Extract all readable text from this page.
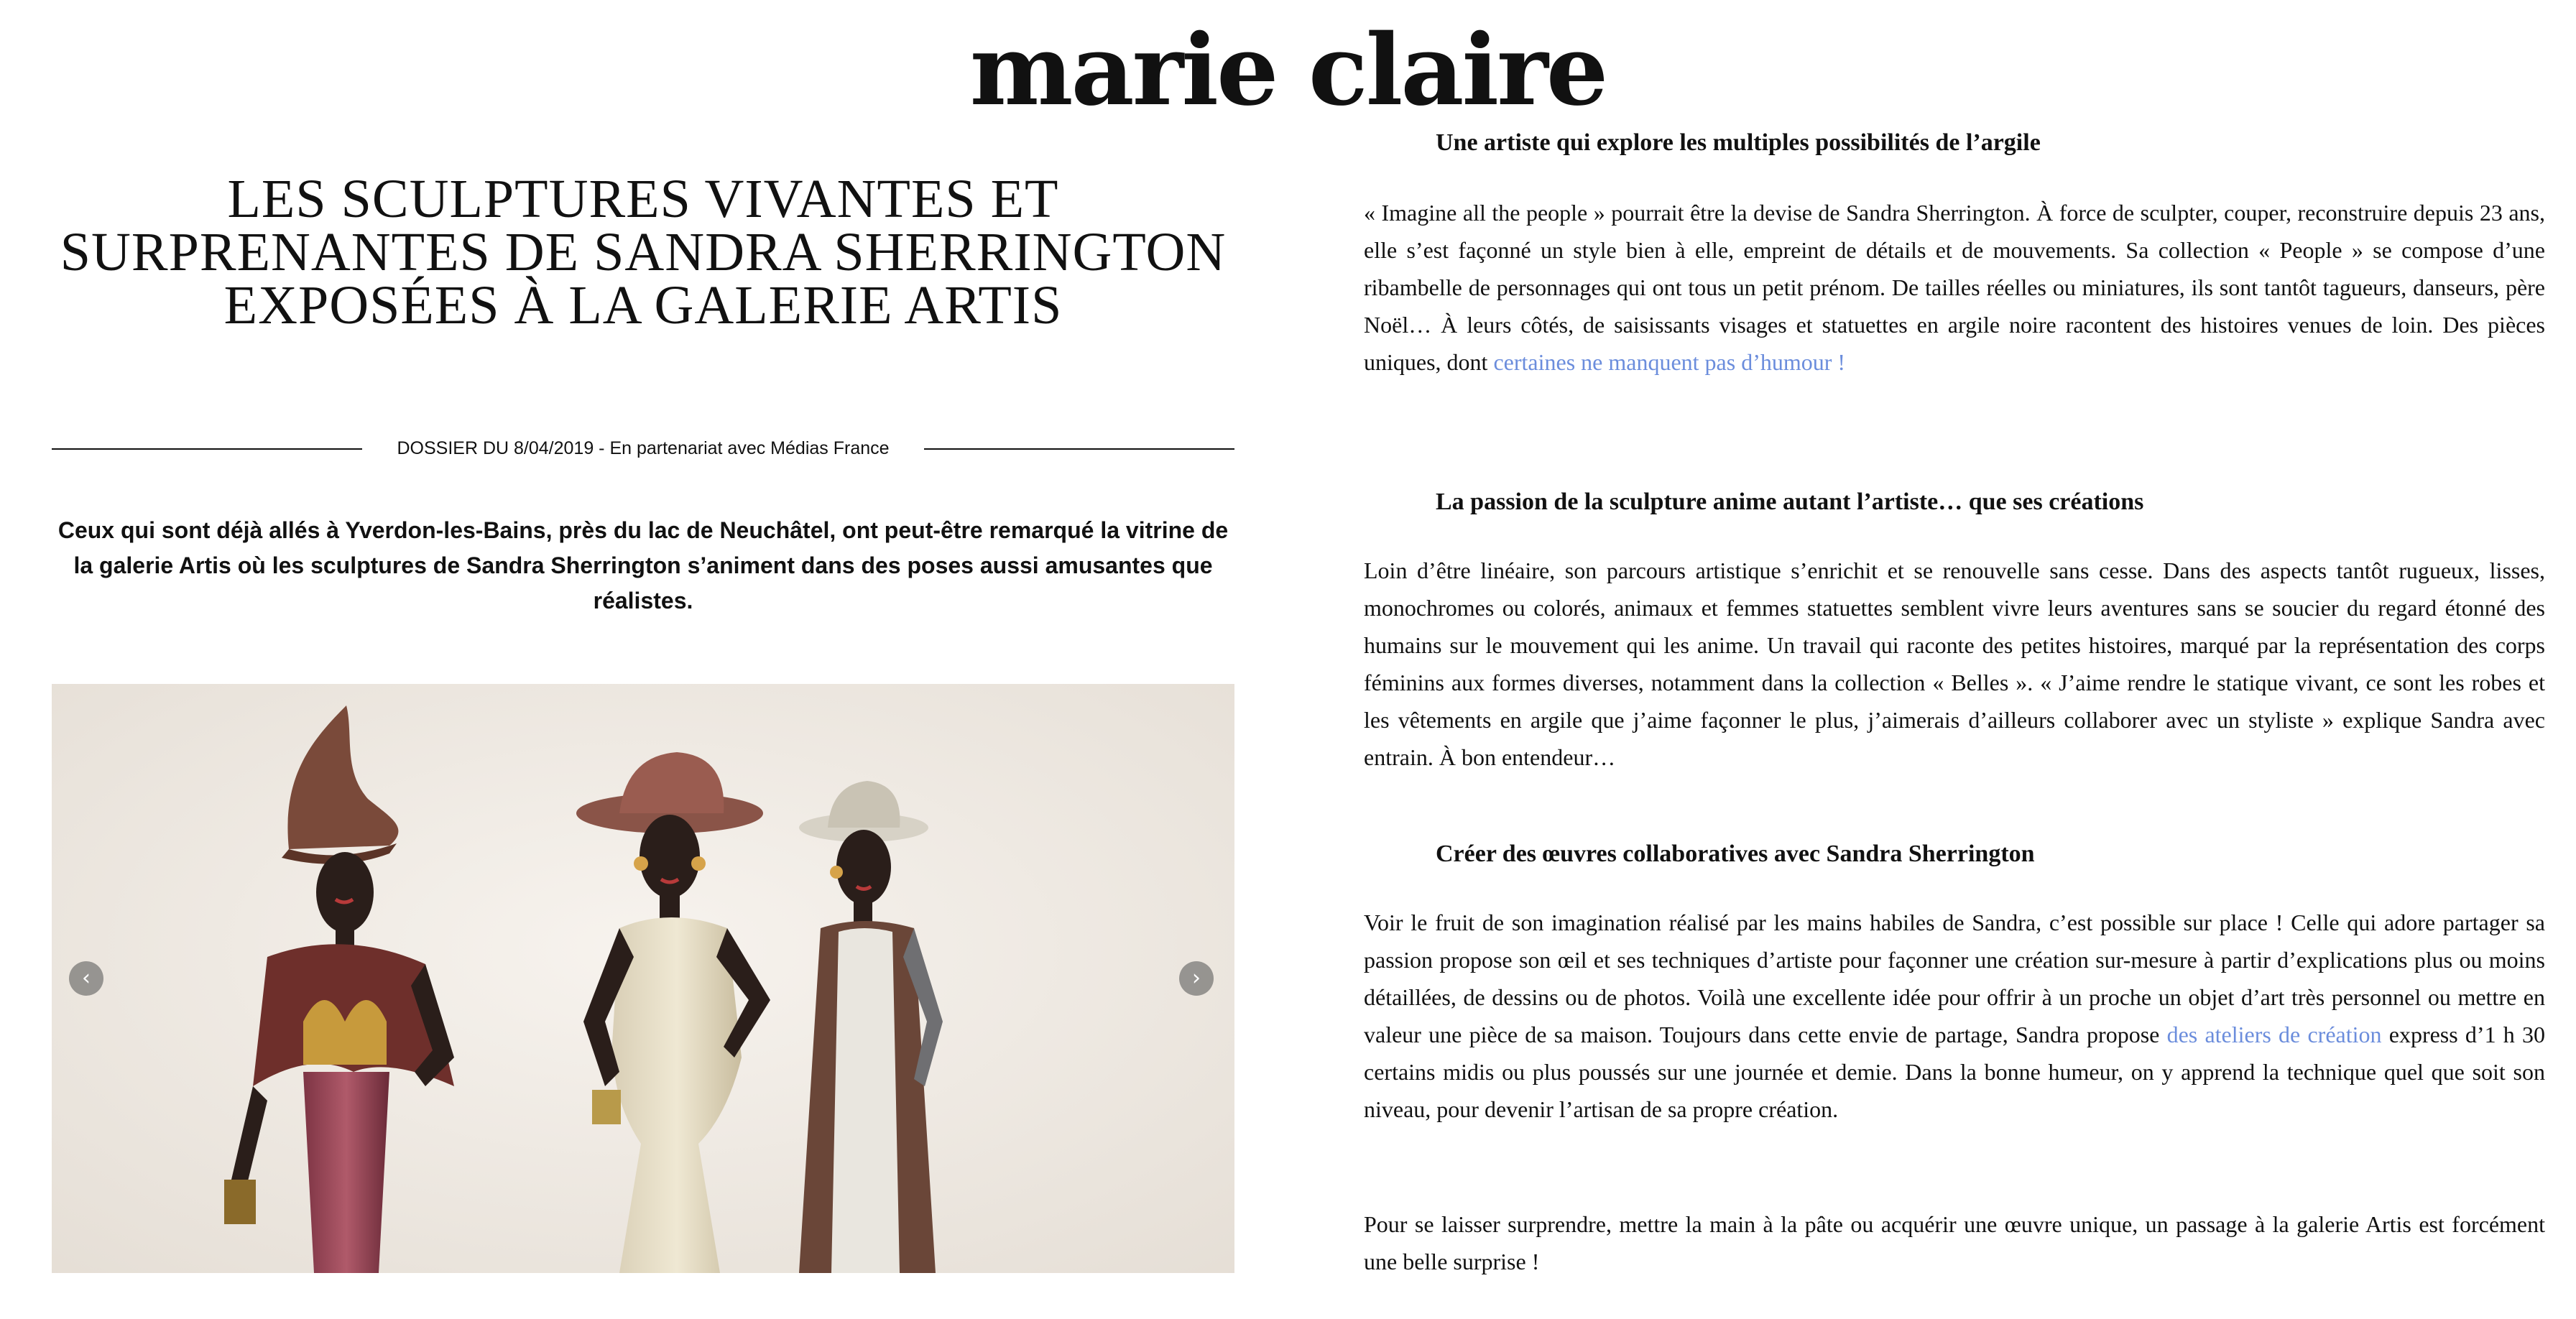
marie claire
LES SCULPTURES VIVANTES ET SURPRENANTES DE SANDRA SHERRINGTON EXPOSÉES À LA GALERIE ARTIS
DOSSIER DU 8/04/2019 - En partenariat avec Médias France
Ceux qui sont déjà allés à Yverdon-les-Bains, près du lac de Neuchâtel, ont peut-être remarqué la vitrine de la galerie Artis où les sculptures de Sandra Sherrington s’animent dans des poses aussi amusantes que réalistes.
‹	›
Une artiste qui explore les multiples possibilités de l’argile

« Imagine all the people » pourrait être la devise de Sandra Sherrington. À force de sculpter, couper, reconstruire depuis 23 ans, elle s’est façonné un style bien à elle, empreint de détails et de mouvements. Sa collection « People » se compose d’une ribambelle de personnages qui ont tous un petit prénom. De tailles réelles ou miniatures, ils sont tantôt tagueurs, danseurs, père Noël… À leurs côtés, de saisissants visages et statuettes en argile noire racontent des histoires venues de loin. Des pièces uniques, dont certaines ne manquent pas d’humour !

La passion de la sculpture anime autant l’artiste… que ses créations

Loin d’être linéaire, son parcours artistique s’enrichit et se renouvelle sans cesse. Dans des aspects tantôt rugueux, lisses, monochromes ou colorés, animaux et femmes statuettes semblent vivre leurs aventures sans se soucier du regard étonné des humains sur le mouvement qui les anime. Un travail qui raconte des petites histoires, marqué par la représentation des corps féminins aux formes diverses, notamment dans la collection « Belles ». « J’aime rendre le statique vivant, ce sont les robes et les vêtements en argile que j’aime façonner le plus, j’aimerais d’ailleurs collaborer avec un styliste » explique Sandra avec entrain. À bon entendeur…

Créer des œuvres collaboratives avec Sandra Sherrington

Voir le fruit de son imagination réalisé par les mains habiles de Sandra, c’est possible sur place ! Celle qui adore partager sa passion propose son œil et ses techniques d’artiste pour façonner une création sur-mesure à partir d’explications plus ou moins détaillées, de dessins ou de photos. Voilà une excellente idée pour offrir à un proche un objet d’art très personnel ou mettre en valeur une pièce de sa maison. Toujours dans cette envie de partage, Sandra propose des ateliers de création express d’1 h 30 certains midis ou plus poussés sur une journée et demie. Dans la bonne humeur, on y apprend la technique quel que soit son niveau, pour devenir l’artisan de sa propre création.

Pour se laisser surprendre, mettre la main à la pâte ou acquérir une œuvre unique, un passage à la galerie Artis est forcément une belle surprise !
